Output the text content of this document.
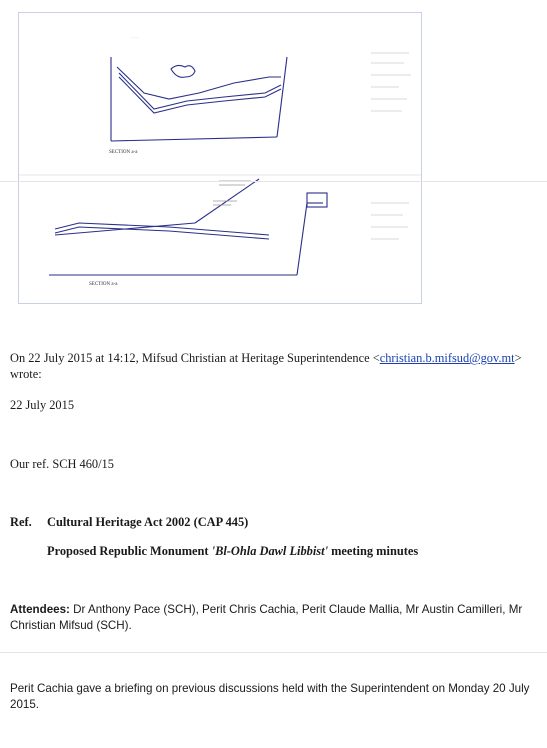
·······
SECTION a-a
SECTION a-a
On 22 July 2015 at 14:12, Mifsud Christian at Heritage Superintendence <christian.b.mifsud@gov.mt>
wrote:
22 July 2015
Our ref. SCH 460/15
Ref. Cultural Heritage Act 2002 (CAP 445)
Proposed Republic Monument 'Bl-Ohla Dawl Libbist' meeting minutes
Attendees: Dr Anthony Pace (SCH), Perit Chris Cachia, Perit Claude Mallia, Mr Austin Camilleri, Mr Christian Mifsud (SCH).
Perit Cachia gave a briefing on previous discussions held with the Superintendent on Monday 20 July 2015.
